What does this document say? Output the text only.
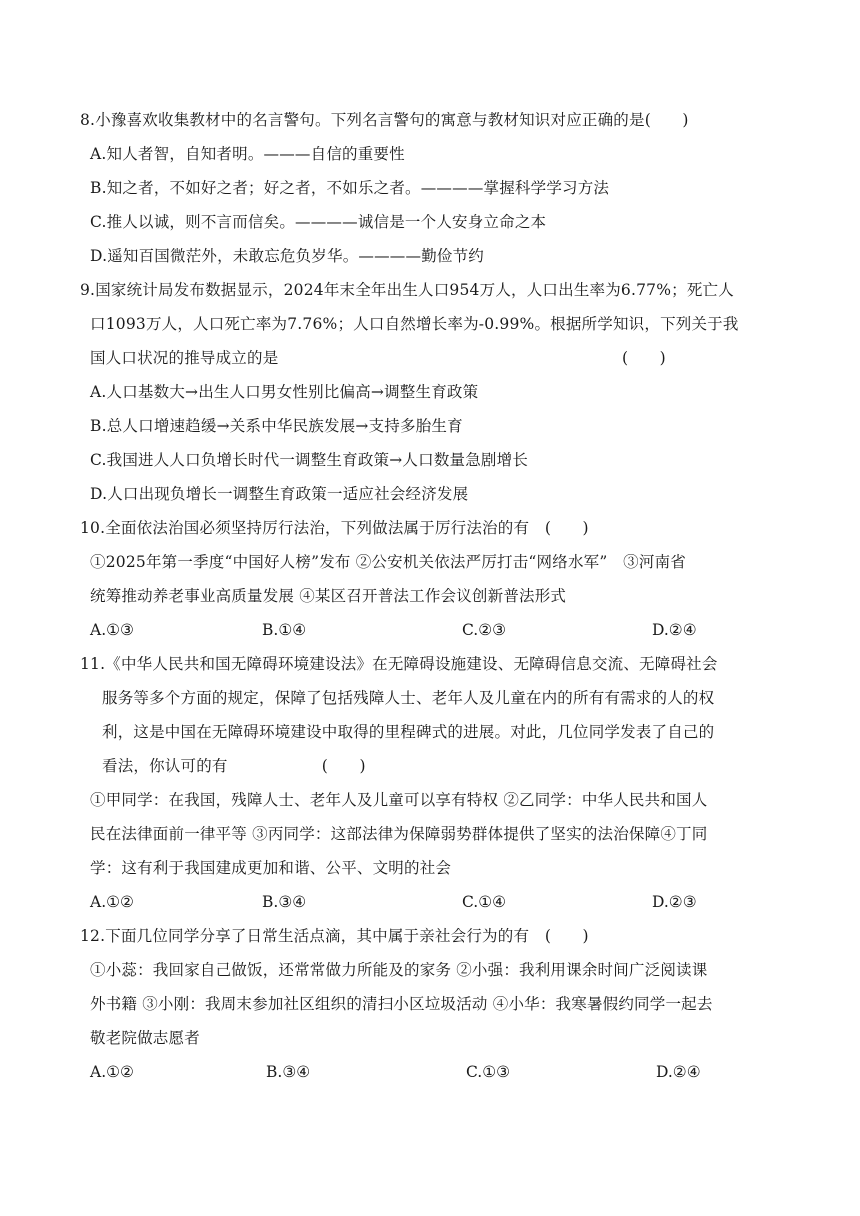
8.小豫喜欢收集教材中的名言警句。下列名言警句的寓意与教材知识对应正确的是(　　)
A.知人者智，自知者明。———自信的重要性
B.知之者，不如好之者；好之者，不如乐之者。————掌握科学学习方法
C.推人以诚，则不言而信矣。————诚信是一个人安身立命之本
D.遥知百国微茫外，未敢忘危负岁华。————勤俭节约
9.国家统计局发布数据显示，2024年末全年出生人口954万人，人口出生率为6.77%；死亡人
口1093万人，人口死亡率为7.76%；人口自然增长率为-0.99%。根据所学知识，下列关于我
国人口状况的推导成立的是	(　　)
A.人口基数大→出生人口男女性别比偏高→调整生育政策
B.总人口增速趋缓→关系中华民族发展→支持多胎生育
C.我国进人人口负增长时代一调整生育政策→人口数量急剧增长
D.人口出现负增长一调整生育政策一适应社会经济发展
10.全面依法治国必须坚持厉行法治，下列做法属于厉行法治的有　(　　)
①2025年第一季度“中国好人榜”发布 ②公安机关依法严厉打击“网络水军”　③河南省
统筹推动养老事业高质量发展 ④某区召开普法工作会议创新普法形式
A.①③	B.①④	C.②③	D.②④
11.《中华人民共和国无障碍环境建设法》在无障碍设施建设、无障碍信息交流、无障碍社会
服务等多个方面的规定，保障了包括残障人士、老年人及儿童在内的所有有需求的人的权
利，这是中国在无障碍环境建设中取得的里程碑式的进展。对此，几位同学发表了自己的
看法，你认可的有　　　　　　(　　)
①甲同学：在我国，残障人士、老年人及儿童可以享有特权 ②乙同学：中华人民共和国人
民在法律面前一律平等 ③丙同学：这部法律为保障弱势群体提供了坚实的法治保障④丁同
学：这有利于我国建成更加和谐、公平、文明的社会
A.①②	B.③④	C.①④	D.②③
12.下面几位同学分享了日常生活点滴，其中属于亲社会行为的有　(　　)
①小蕊：我回家自己做饭，还常常做力所能及的家务 ②小强：我利用课余时间广泛阅读课
外书籍 ③小刚：我周末参加社区组织的清扫小区垃圾活动 ④小华：我寒暑假约同学一起去
敬老院做志愿者
A.①②	B.③④	C.①③	D.②④
